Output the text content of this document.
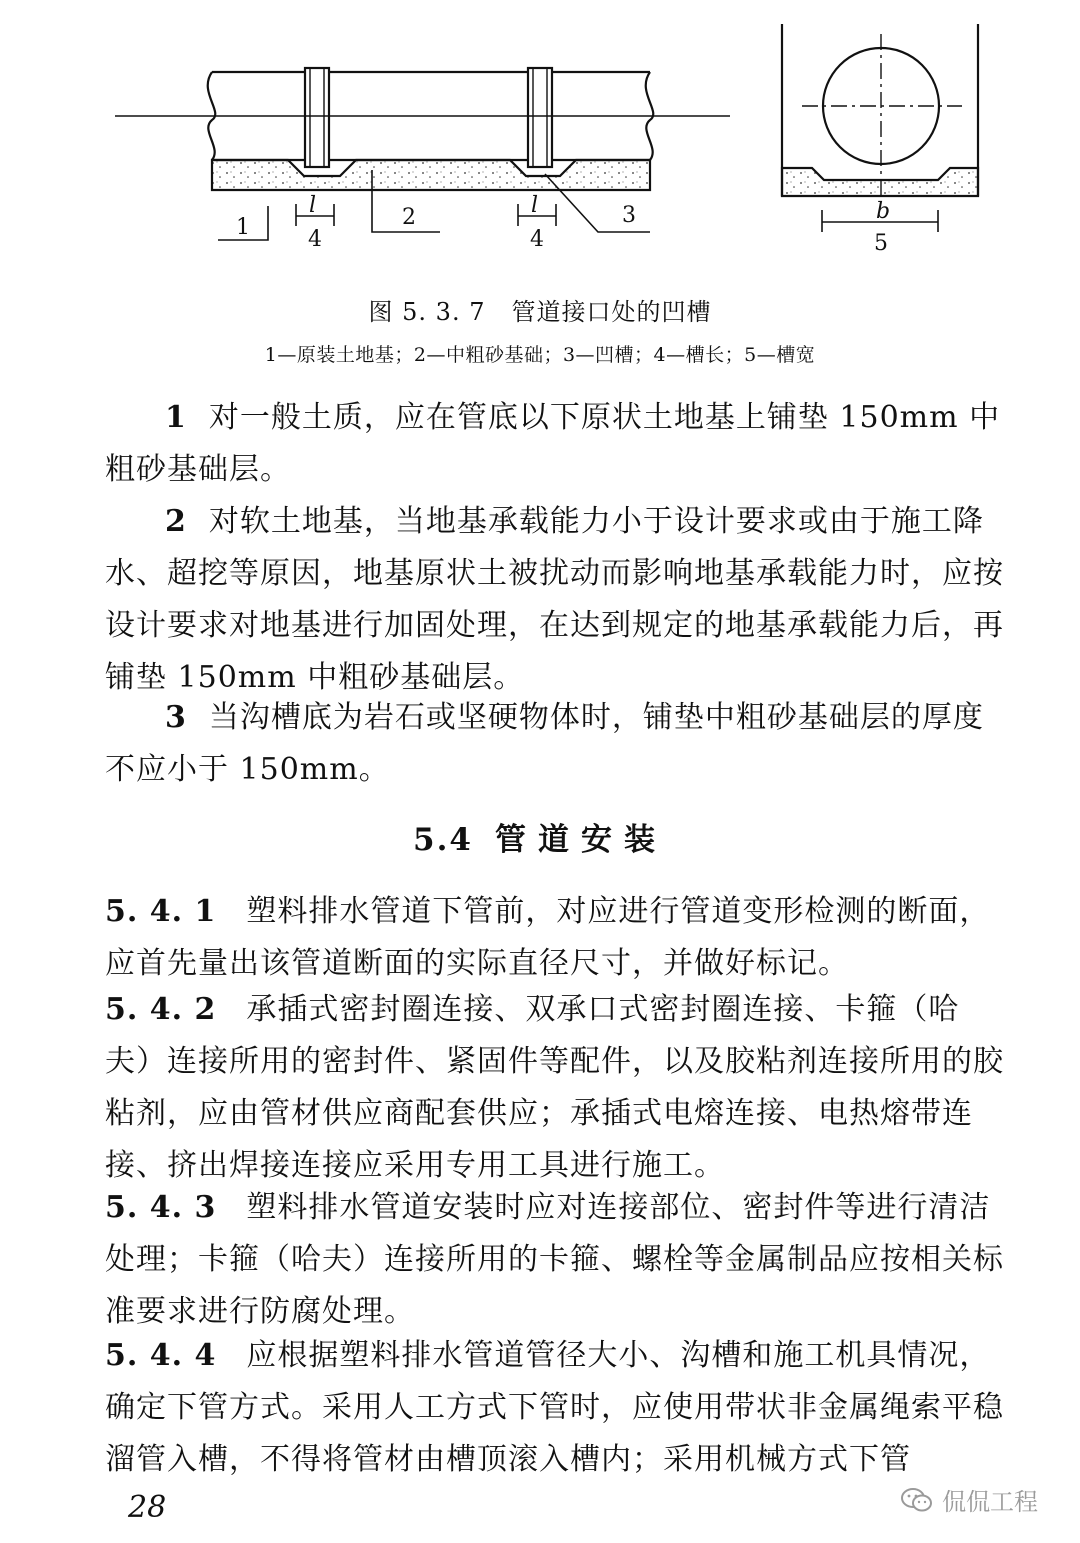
1	2	3
l
4
l
4
b
5
图 5. 3. 7 管道接口处的凹槽
1—原装土地基；2—中粗砂基础；3—凹槽；4—槽长；5—槽宽

1 对一般土质，应在管底以下原状土地基上铺垫 150mm 中粗砂基础层。

2 对软土地基，当地基承载能力小于设计要求或由于施工降水、超挖等原因，地基原状土被扰动而影响地基承载能力时，应按设计要求对地基进行加固处理，在达到规定的地基承载能力后，再铺垫 150mm 中粗砂基础层。

3 当沟槽底为岩石或坚硬物体时，铺垫中粗砂基础层的厚度不应小于 150mm。

5.4 管道安装

5. 4. 1 塑料排水管道下管前，对应进行管道变形检测的断面，应首先量出该管道断面的实际直径尺寸，并做好标记。

5. 4. 2 承插式密封圈连接、双承口式密封圈连接、卡箍（哈夫）连接所用的密封件、紧固件等配件，以及胶粘剂连接所用的胶粘剂，应由管材供应商配套供应；承插式电熔连接、电热熔带连接、挤出焊接连接应采用专用工具进行施工。

5. 4. 3 塑料排水管道安装时应对连接部位、密封件等进行清洁处理；卡箍（哈夫）连接所用的卡箍、螺栓等金属制品应按相关标准要求进行防腐处理。

5. 4. 4 应根据塑料排水管道管径大小、沟槽和施工机具情况，确定下管方式。采用人工方式下管时，应使用带状非金属绳索平稳溜管入槽，不得将管材由槽顶滚入槽内；采用机械方式下管

28	侃侃工程
